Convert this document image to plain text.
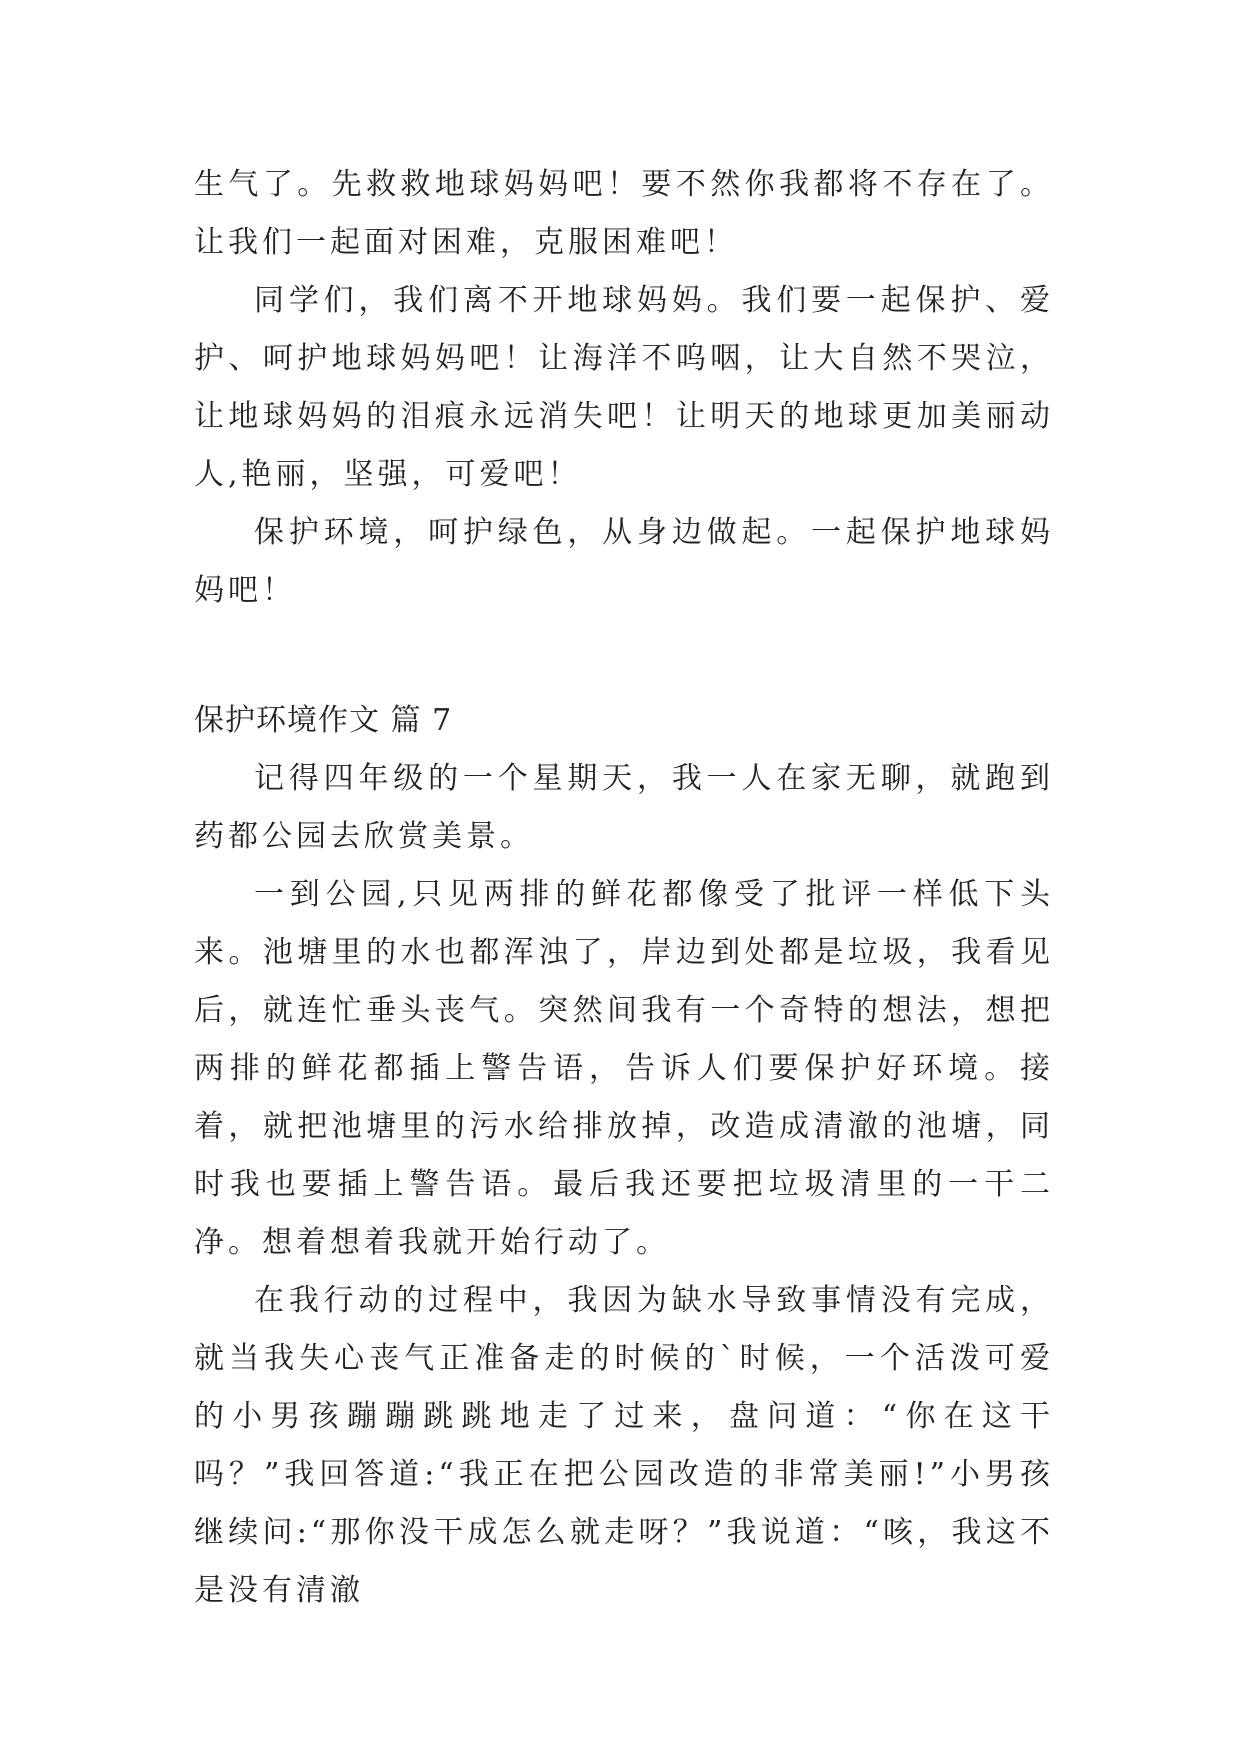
生气了。先救救地球妈妈吧！要不然你我都将不存在了。让我们一起面对困难，克服困难吧！

同学们，我们离不开地球妈妈。我们要一起保护、爱护、呵护地球妈妈吧！让海洋不呜咽，让大自然不哭泣，让地球妈妈的泪痕永远消失吧！让明天的地球更加美丽动人,艳丽，坚强，可爱吧！

保护环境，呵护绿色，从身边做起。一起保护地球妈妈吧！

保护环境作文 篇 7

记得四年级的一个星期天，我一人在家无聊，就跑到药都公园去欣赏美景。

一到公园,只见两排的鲜花都像受了批评一样低下头来。池塘里的水也都浑浊了，岸边到处都是垃圾，我看见后，就连忙垂头丧气。突然间我有一个奇特的想法，想把两排的鲜花都插上警告语，告诉人们要保护好环境。接着，就把池塘里的污水给排放掉，改造成清澈的池塘，同时我也要插上警告语。最后我还要把垃圾清里的一干二净。想着想着我就开始行动了。

在我行动的过程中，我因为缺水导致事情没有完成，就当我失心丧气正准备走的时候的`时候，一个活泼可爱的小男孩蹦蹦跳跳地走了过来，盘问道：“你在这干吗？”我回答道:“我正在把公园改造的非常美丽!”小男孩继续问:“那你没干成怎么就走呀？”我说道：“咳，我这不是没有清澈
